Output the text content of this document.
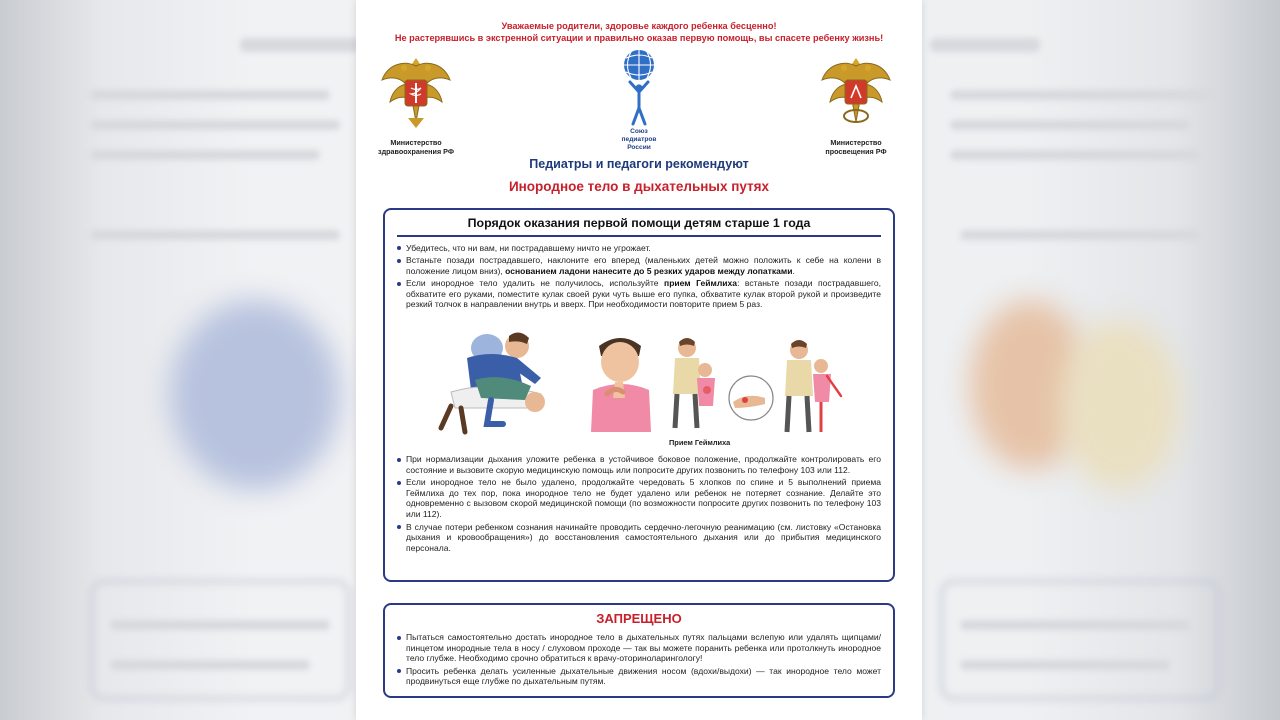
Уважаемые родители, здоровье каждого ребенка бесценно!
Не растерявшись в экстренной ситуации и правильно оказав первую помощь, вы спасете ребенку жизнь!
Министерство
здравоохранения РФ
Министерство
просвещения РФ
Союз
педиатров
России
Педиатры и педагоги рекомендуют
Инородное тело в дыхательных путях
Порядок оказания первой помощи детям старше 1 года
Убедитесь, что ни вам, ни пострадавшему ничто не угрожает.
Встаньте позади пострадавшего, наклоните его вперед (маленьких детей можно положить к себе на колени в положение лицом вниз), основанием ладони нанесите до 5 резких ударов между лопатками.
Если инородное тело удалить не получилось, используйте прием Геймлиха: встаньте позади пострадавшего, обхватите его руками, поместите кулак своей руки чуть выше его пупка, обхватите кулак второй рукой и произведите резкий толчок в направлении внутрь и вверх. При необходимости повторите прием 5 раз.
Прием Геймлиха
При нормализации дыхания уложите ребенка в устойчивое боковое положение, продолжайте контролировать его состояние и вызовите скорую медицинскую помощь или попросите других позвонить по телефону 103 или 112.
Если инородное тело не было удалено, продолжайте чередовать 5 хлопков по спине и 5 выполнений приема Геймлиха до тех пор, пока инородное тело не будет удалено или ребенок не потеряет сознание. Делайте это одновременно с вызовом скорой медицинской помощи (по возможности попросите других позвонить по телефону 103 или 112).
В случае потери ребенком сознания начинайте проводить сердечно-легочную реанимацию (см. листовку «Остановка дыхания и кровообращения») до восстановления самостоятельного дыхания или до прибытия медицинского персонала.
ЗАПРЕЩЕНО
Пытаться самостоятельно достать инородное тело в дыхательных путях пальцами вслепую или удалять щипцами/пинцетом инородные тела в носу / слуховом проходе — так вы можете поранить ребенка или протолкнуть инородное тело глубже. Необходимо срочно обратиться к врачу-оториноларингологу!
Просить ребенка делать усиленные дыхательные движения носом (вдохи/выдохи) — так инородное тело может продвинуться еще глубже по дыхательным путям.
